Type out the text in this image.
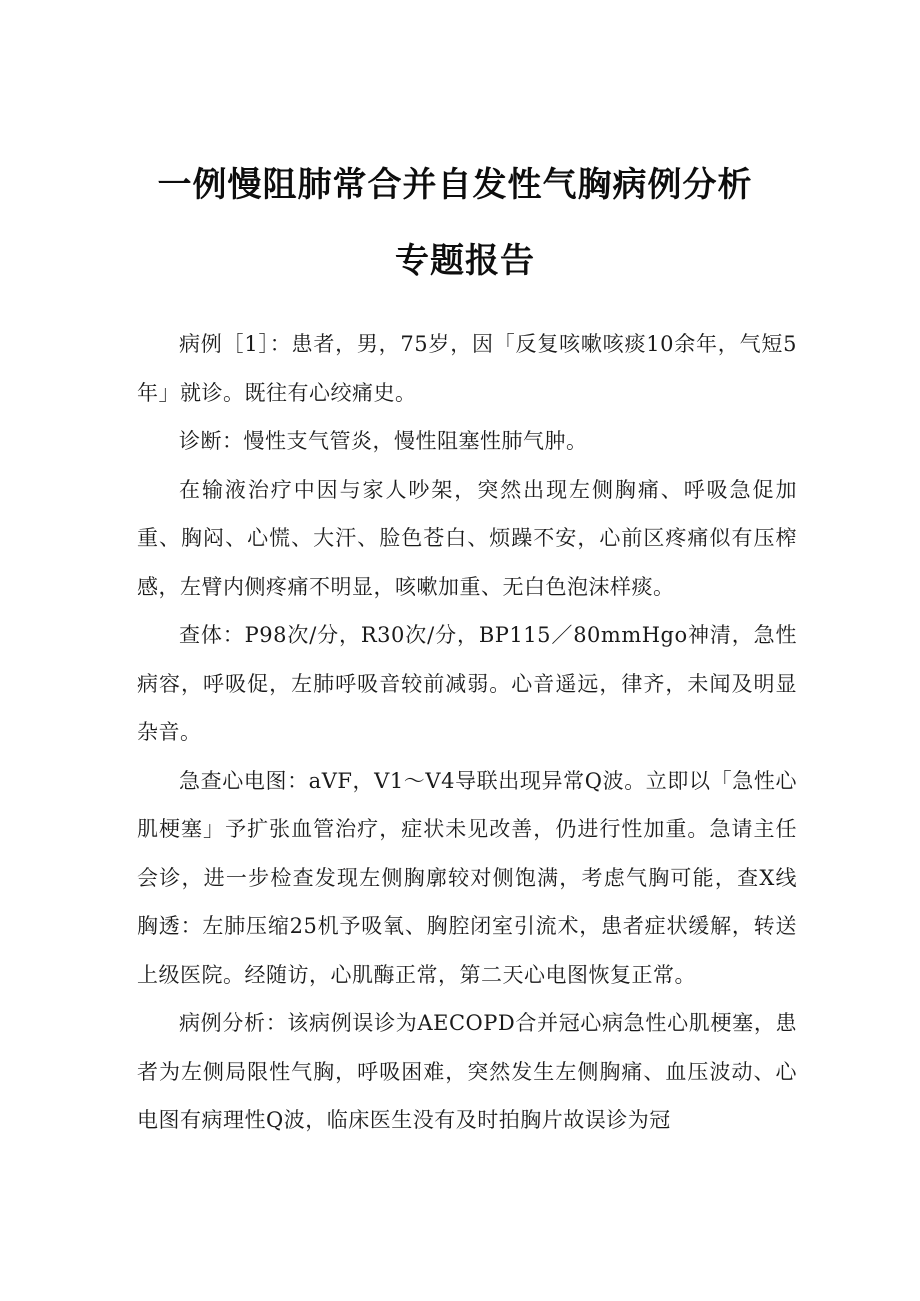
一例慢阻肺常合并自发性气胸病例分析
专题报告

病例［1］：患者，男，75岁，因「反复咳嗽咳痰10余年，气短5年」就诊。既往有心绞痛史。

诊断：慢性支气管炎，慢性阻塞性肺气肿。

在输液治疗中因与家人吵架，突然出现左侧胸痛、呼吸急促加重、胸闷、心慌、大汗、脸色苍白、烦躁不安，心前区疼痛似有压榨感，左臂内侧疼痛不明显，咳嗽加重、无白色泡沫样痰。

查体：P98次/分，R30次/分，BP115／80mmHgo神清，急性病容，呼吸促，左肺呼吸音较前减弱。心音遥远，律齐，未闻及明显杂音。

急查心电图：aVF，V1～V4导联出现异常Q波。立即以「急性心肌梗塞」予扩张血管治疗，症状未见改善，仍进行性加重。急请主任会诊，进一步检查发现左侧胸廓较对侧饱满，考虑气胸可能，查X线胸透：左肺压缩25机予吸氧、胸腔闭室引流术，患者症状缓解，转送上级医院。经随访，心肌酶正常，第二天心电图恢复正常。

病例分析：该病例误诊为AECOPD合并冠心病急性心肌梗塞，患者为左侧局限性气胸，呼吸困难，突然发生左侧胸痛、血压波动、心电图有病理性Q波，临床医生没有及时拍胸片故误诊为冠
